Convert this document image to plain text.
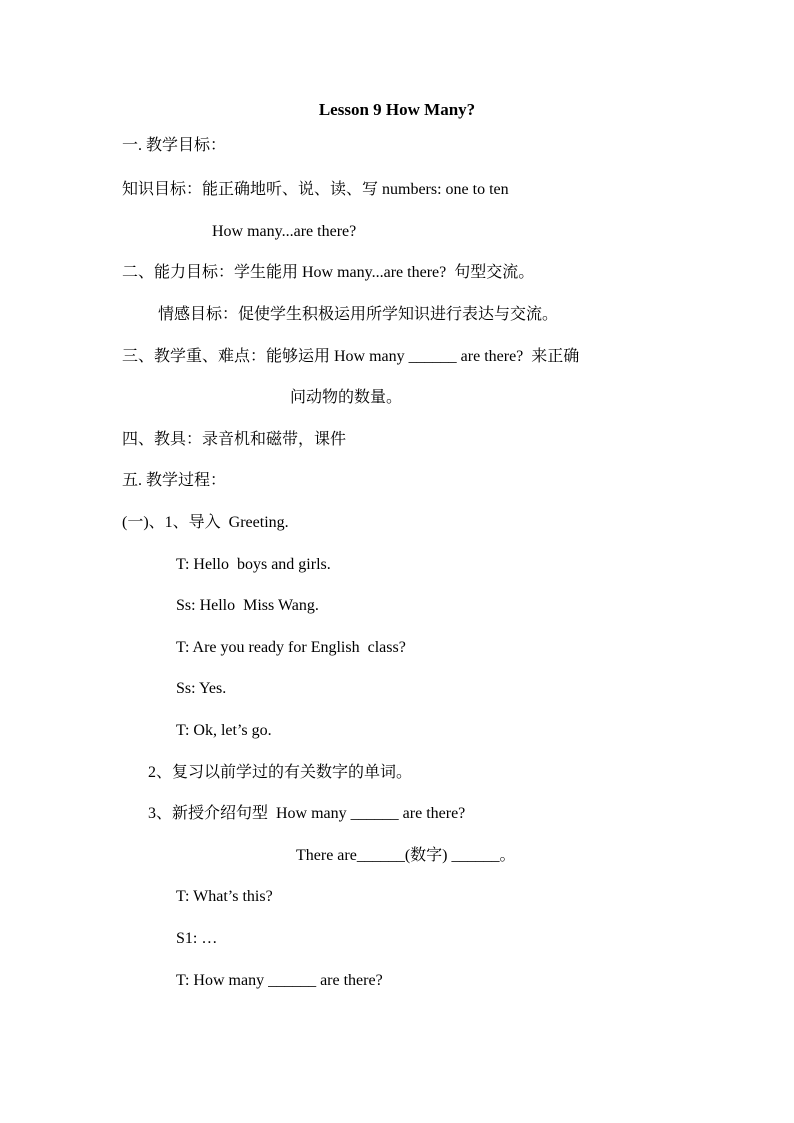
Lesson 9 How Many?
一. 教学目标：
知识目标：能正确地听、说、读、写 numbers: one to ten
How many...are there?
二、能力目标：学生能用 How many...are there?  句型交流。
情感目标：促使学生积极运用所学知识进行表达与交流。
三、教学重、难点：能够运用 How many ______ are there?  来正确
问动物的数量。
四、教具：录音机和磁带，课件
五. 教学过程：
(一)、1、导入  Greeting.
T: Hello  boys and girls.
Ss: Hello  Miss Wang.
T: Are you ready for English  class?
Ss: Yes.
T: Ok, let’s go.
2、复习以前学过的有关数字的单词。
3、新授介绍句型  How many ______ are there?
There are______(数字) ______。
T: What’s this?
S1: …
T: How many ______ are there?
